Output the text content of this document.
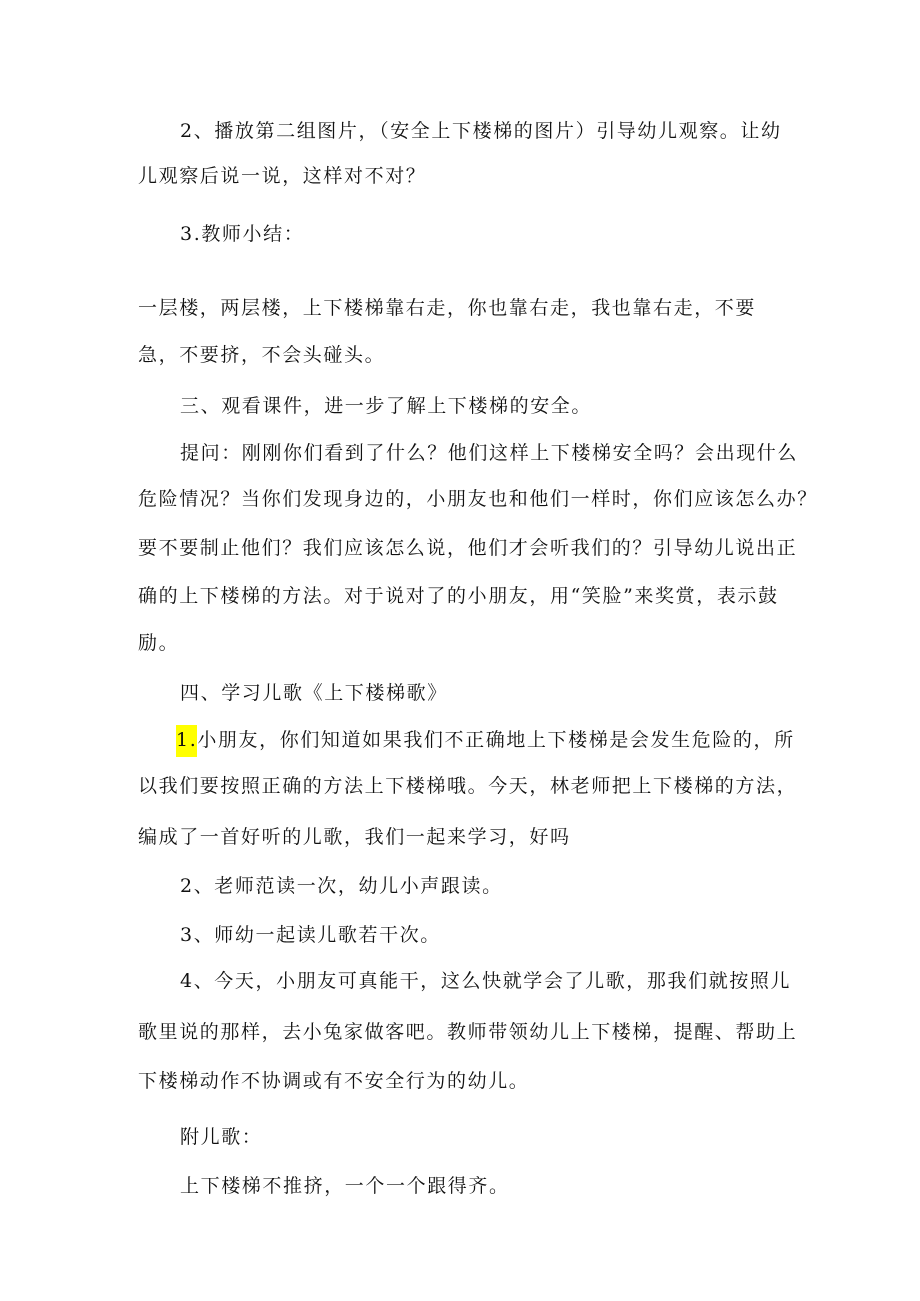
2、播放第二组图片，（安全上下楼梯的图片）引导幼儿观察。让幼
儿观察后说一说，这样对不对？
3.教师小结：
一层楼，两层楼，上下楼梯靠右走，你也靠右走，我也靠右走，不要
急，不要挤，不会头碰头。
三、观看课件，进一步了解上下楼梯的安全。
提问：刚刚你们看到了什么？他们这样上下楼梯安全吗？会出现什么
危险情况？当你们发现身边的，小朋友也和他们一样时，你们应该怎么办？
要不要制止他们？我们应该怎么说，他们才会听我们的？引导幼儿说出正
确的上下楼梯的方法。对于说对了的小朋友，用“笑脸”来奖赏，表示鼓
励。
四、学习儿歌《上下楼梯歌》
1.小朋友，你们知道如果我们不正确地上下楼梯是会发生危险的，所
以我们要按照正确的方法上下楼梯哦。今天，林老师把上下楼梯的方法，
编成了一首好听的儿歌，我们一起来学习，好吗
2、老师范读一次，幼儿小声跟读。
3、师幼一起读儿歌若干次。
4、今天，小朋友可真能干，这么快就学会了儿歌，那我们就按照儿
歌里说的那样，去小兔家做客吧。教师带领幼儿上下楼梯，提醒、帮助上
下楼梯动作不协调或有不安全行为的幼儿。
附儿歌：
上下楼梯不推挤，一个一个跟得齐。
